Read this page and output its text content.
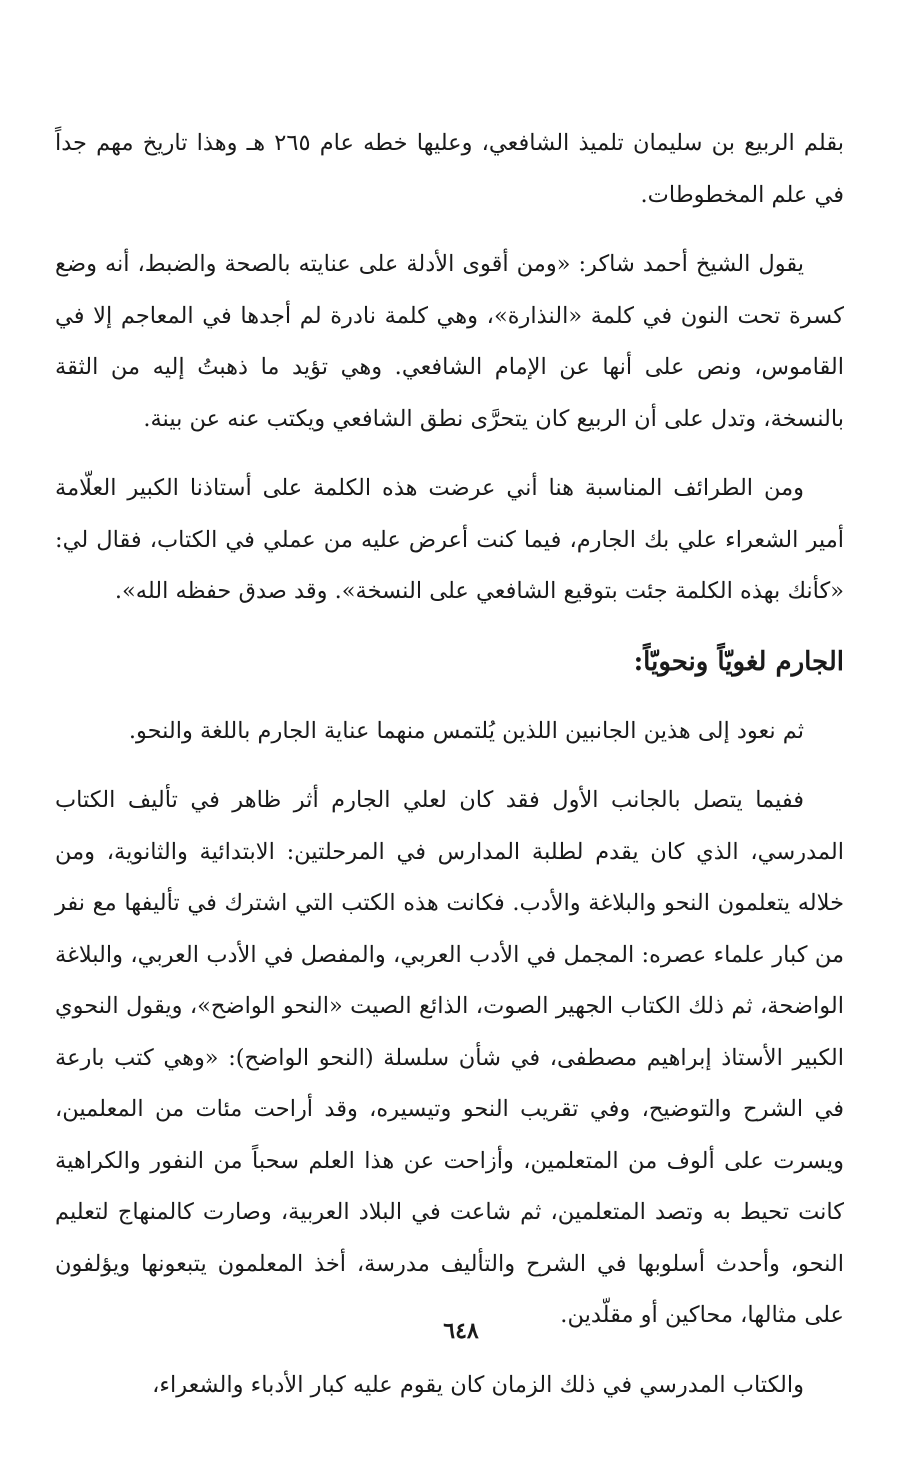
بقلم الربيع بن سليمان تلميذ الشافعي، وعليها خطه عام ٢٦٥ هـ وهذا تاريخ مهم جداً في علم المخطوطات.

يقول الشيخ أحمد شاكر: «ومن أقوى الأدلة على عنايته بالصحة والضبط، أنه وضع كسرة تحت النون في كلمة «النذارة»، وهي كلمة نادرة لم أجدها في المعاجم إلا في القاموس، ونص على أنها عن الإمام الشافعي. وهي تؤيد ما ذهبتُ إليه من الثقة بالنسخة، وتدل على أن الربيع كان يتحرَّى نطق الشافعي ويكتب عنه عن بينة.

ومن الطرائف المناسبة هنا أني عرضت هذه الكلمة على أستاذنا الكبير العلّامة أمير الشعراء علي بك الجارم، فيما كنت أعرض عليه من عملي في الكتاب، فقال لي: «كأنك بهذه الكلمة جئت بتوقيع الشافعي على النسخة». وقد صدق حفظه الله».

الجارم لغويّاً ونحويّاً:

ثم نعود إلى هذين الجانبين اللذين يُلتمس منهما عناية الجارم باللغة والنحو.

ففيما يتصل بالجانب الأول فقد كان لعلي الجارم أثر ظاهر في تأليف الكتاب المدرسي، الذي كان يقدم لطلبة المدارس في المرحلتين: الابتدائية والثانوية، ومن خلاله يتعلمون النحو والبلاغة والأدب. فكانت هذه الكتب التي اشترك في تأليفها مع نفر من كبار علماء عصره: المجمل في الأدب العربي، والمفصل في الأدب العربي، والبلاغة الواضحة، ثم ذلك الكتاب الجهير الصوت، الذائع الصيت «النحو الواضح»، ويقول النحوي الكبير الأستاذ إبراهيم مصطفى، في شأن سلسلة (النحو الواضح): «وهي كتب بارعة في الشرح والتوضيح، وفي تقريب النحو وتيسيره، وقد أراحت مئات من المعلمين، ويسرت على ألوف من المتعلمين، وأزاحت عن هذا العلم سحباً من النفور والكراهية كانت تحيط به وتصد المتعلمين، ثم شاعت في البلاد العربية، وصارت كالمنهاج لتعليم النحو، وأحدث أسلوبها في الشرح والتأليف مدرسة، أخذ المعلمون يتبعونها ويؤلفون على مثالها، محاكين أو مقلّدين.

والكتاب المدرسي في ذلك الزمان كان يقوم عليه كبار الأدباء والشعراء،

٦٤٨
